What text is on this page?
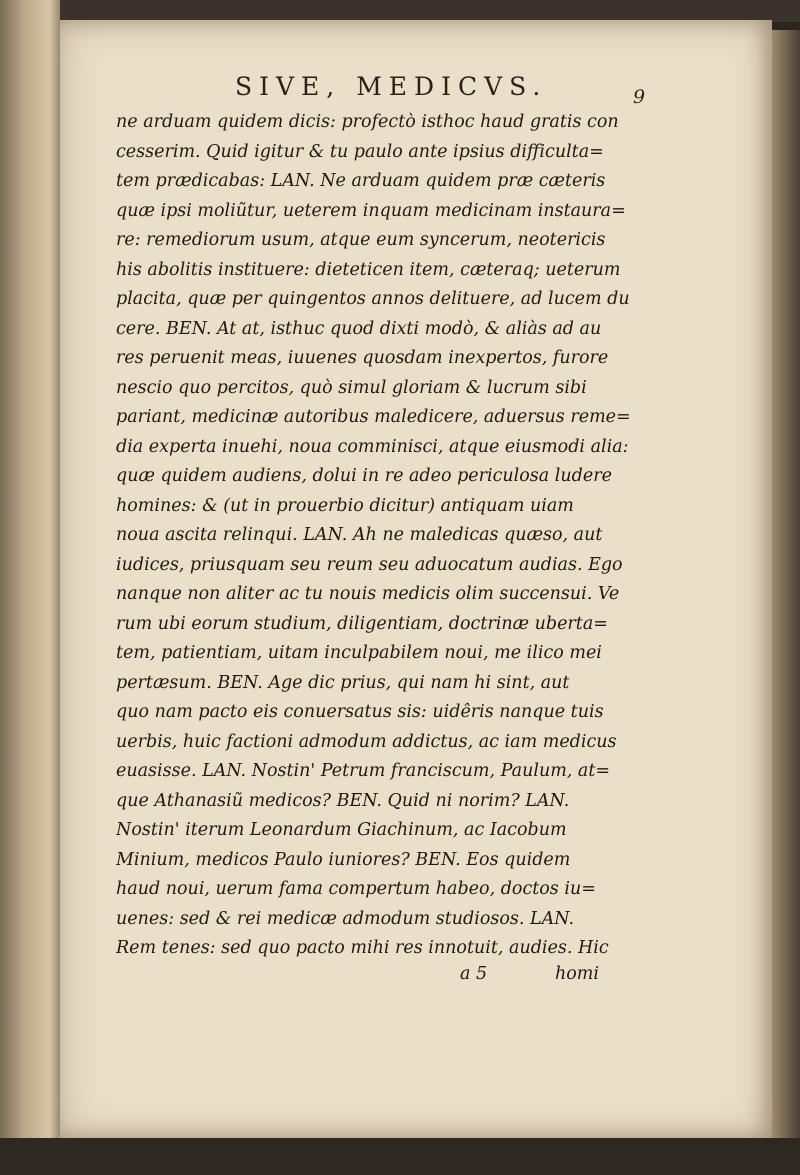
SIVE, MEDICVS.	9
ne arduam quidem dicis: profectò isthoc haud gratis con
cesserim. Quid igitur & tu paulo ante ipsius difficulta=
tem prædicabas: LAN. Ne arduam quidem præ cæteris
quæ ipsi moliũtur, ueterem inquam medicinam instaura=
re: remediorum usum, atque eum syncerum, neotericis
his abolitis instituere: dieteticen item, cæteraq; ueterum
placita, quæ per quingentos annos delituere, ad lucem du
cere. BEN. At at, isthuc quod dixti modò, & aliàs ad au
res peruenit meas, iuuenes quosdam inexpertos, furore
nescio quo percitos, quò simul gloriam & lucrum sibi
pariant, medicinæ autoribus maledicere, aduersus reme=
dia experta inuehi, noua comminisci, atque eiusmodi alia:
quæ quidem audiens, dolui in re adeo periculosa ludere
homines: & (ut in prouerbio dicitur) antiquam uiam
noua ascita relinqui. LAN. Ah ne maledicas quæso, aut
iudices, priusquam seu reum seu aduocatum audias. Ego
nanque non aliter ac tu nouis medicis olim succensui. Ve
rum ubi eorum studium, diligentiam, doctrinæ uberta=
tem, patientiam, uitam inculpabilem noui, me ilico mei
pertæsum. BEN. Age dic prius, qui nam hi sint, aut
quo nam pacto eis conuersatus sis: uidêris nanque tuis
uerbis, huic factioni admodum addictus, ac iam medicus
euasisse. LAN. Nostin' Petrum franciscum, Paulum, at=
que Athanasiũ medicos? BEN. Quid ni norim? LAN.
Nostin' iterum Leonardum Giachinum, ac Iacobum
Minium, medicos Paulo iuniores? BEN. Eos quidem
haud noui, uerum fama compertum habeo, doctos iu=
uenes: sed & rei medicæ admodum studiosos. LAN.
Rem tenes: sed quo pacto mihi res innotuit, audies. Hic
a 5	homi
